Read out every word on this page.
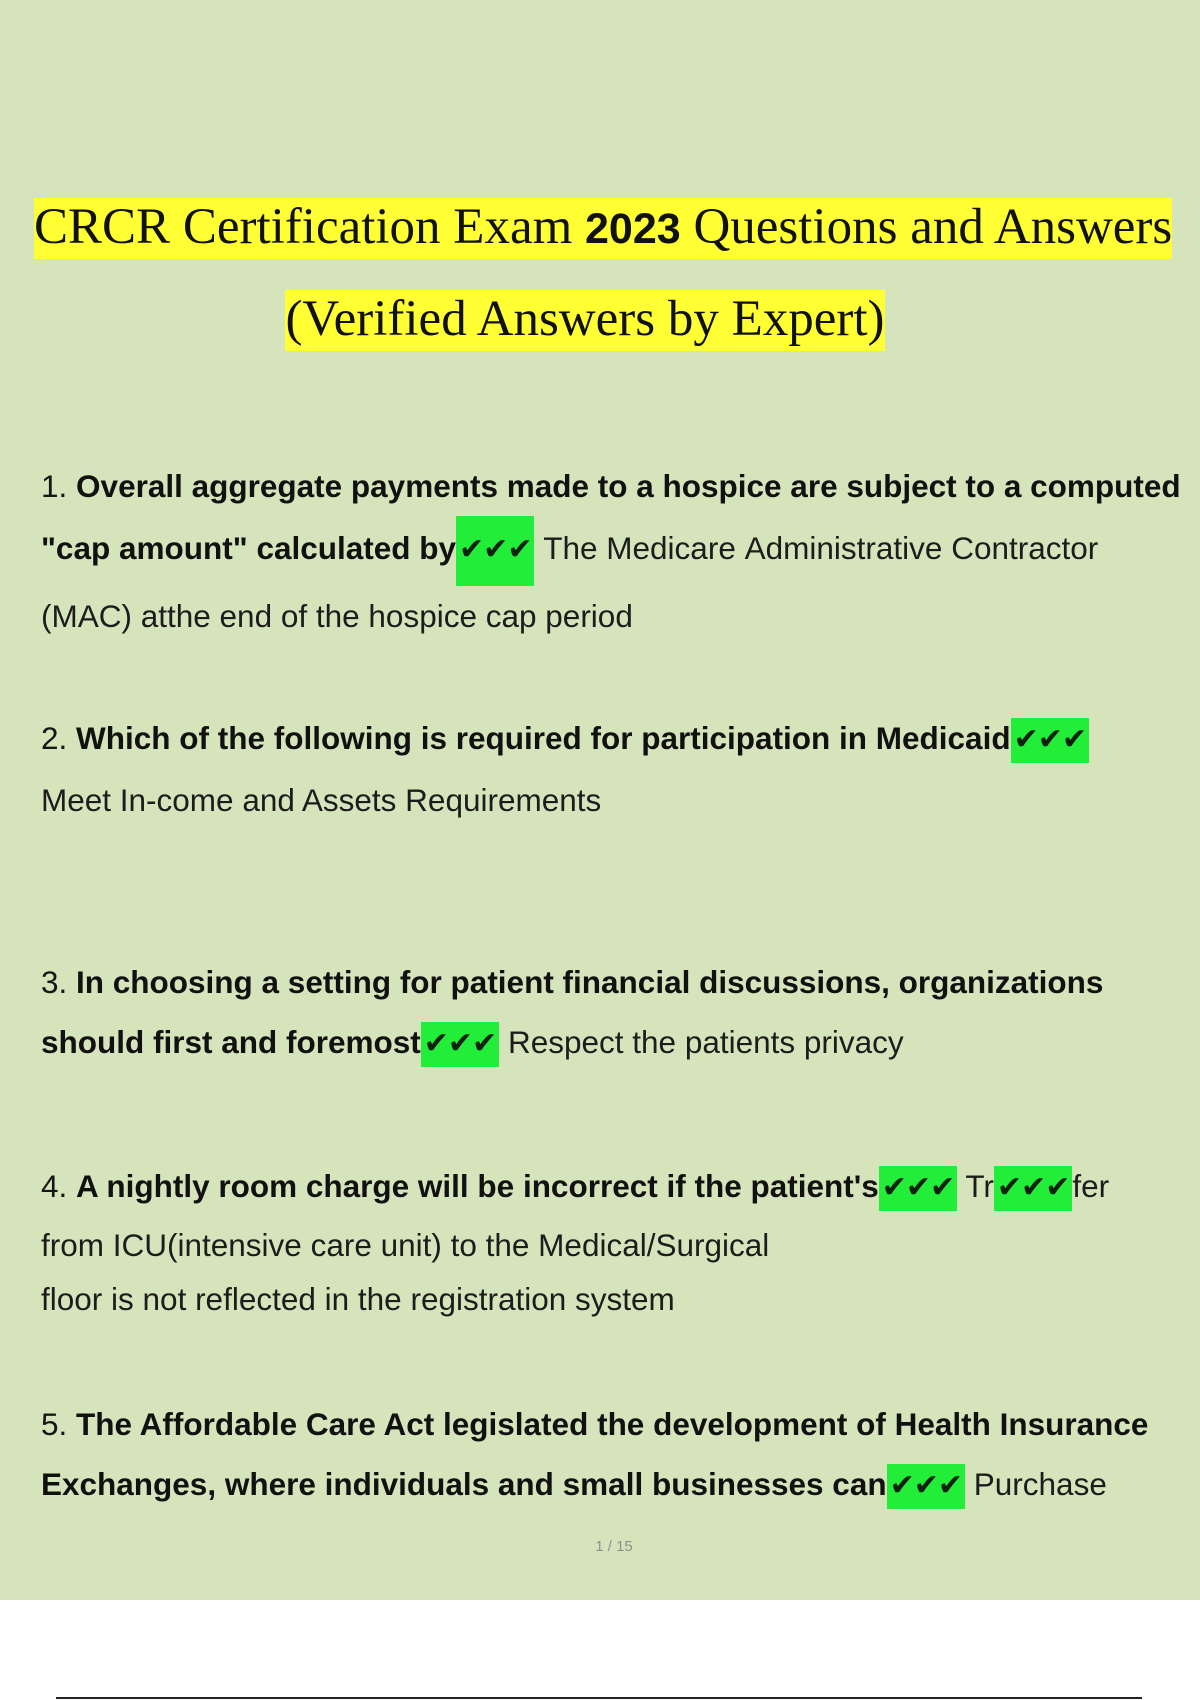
CRCR Certification Exam 2023 Questions and Answers
(Verified Answers by Expert)
1. Overall aggregate payments made to a hospice are subject to a computed
"cap amount" calculated by ✔✔✔ The Medicare Administrative Contractor
(MAC) atthe end of the hospice cap period
2. Which of the following is required for participation in Medicaid ✔✔✔
Meet In-come and Assets Requirements
3. In choosing a setting for patient financial discussions, organizations
should first and foremost ✔✔✔ Respect the patients privacy
4. A nightly room charge will be incorrect if the patient's ✔✔✔ Tr ✔✔✔fer
from ICU(intensive care unit) to the Medical/Surgical
floor is not reflected in the registration system
5. The Affordable Care Act legislated the development of Health Insurance
Exchanges, where individuals and small businesses can ✔✔✔ Purchase
1 / 15
